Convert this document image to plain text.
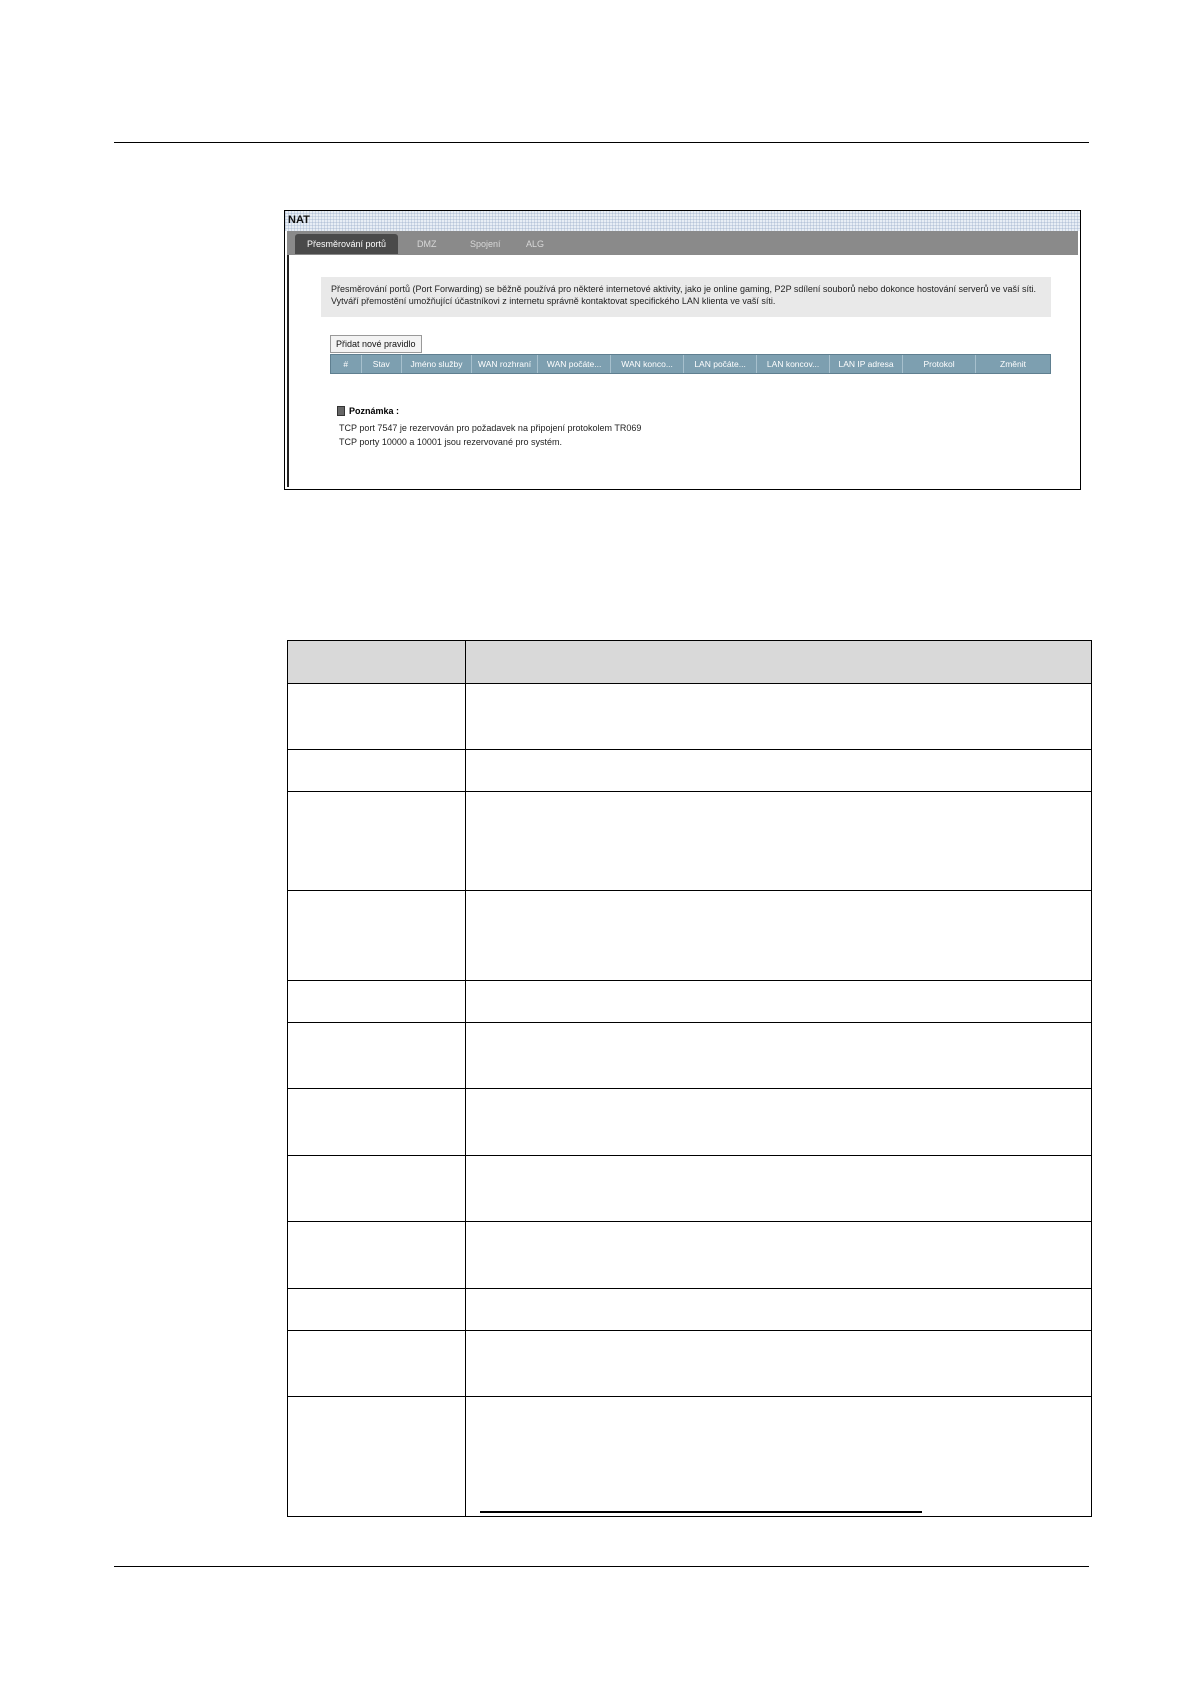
NAT
Přesměrování portů	DMZ	Spojení	ALG
Přesměrování portů (Port Forwarding) se běžně používá pro některé internetové aktivity, jako je online gaming, P2P sdílení souborů nebo dokonce hostování serverů ve vaší síti. Vytváří přemostění umožňující účastníkovi z internetu správně kontaktovat specifického LAN klienta ve vaší síti.
Přidat nové pravidlo
#	Stav	Jméno služby	WAN rozhraní	WAN počáte...	WAN konco...	LAN počáte...	LAN koncov...	LAN IP adresa	Protokol	Změnit
Poznámka :
TCP port 7547 je rezervován pro požadavek na připojení protokolem TR069
TCP porty 10000 a 10001 jsou rezervované pro systém.
